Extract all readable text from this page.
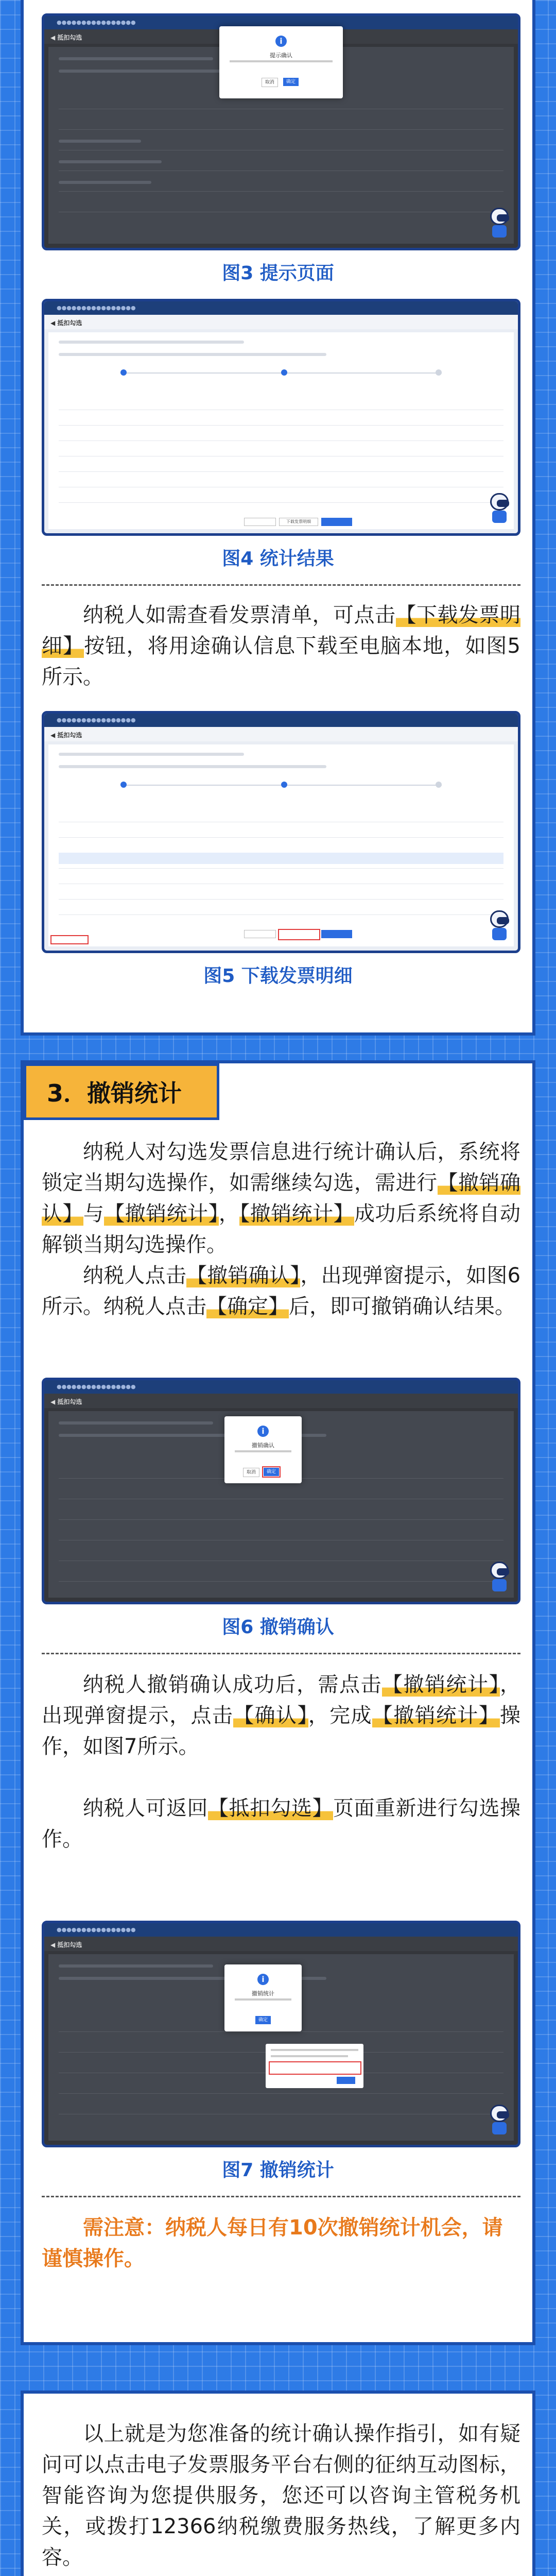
●●●●●●●●●●●●●●●●
◀ 抵扣勾选	i
提示确认
取消	确定
图3 提示页面
●●●●●●●●●●●●●●●●
◀ 抵扣勾选
下载发票明细
图4 统计结果

纳税人如需查看发票清单，可点击【下载发票明细】按钮，将用途确认信息下载至电脑本地，如图5所示。

●●●●●●●●●●●●●●●●
◀ 抵扣勾选
图5 下载发票明细
3．撤销统计

纳税人对勾选发票信息进行统计确认后，系统将锁定当期勾选操作，如需继续勾选，需进行【撤销确认】与【撤销统计】，【撤销统计】成功后系统将自动解锁当期勾选操作。

纳税人点击【撤销确认】，出现弹窗提示，如图6所示。纳税人点击【确定】后，即可撤销确认结果。

●●●●●●●●●●●●●●●●
◀ 抵扣勾选
i
撤销确认
取消	确定
图6 撤销确认

纳税人撤销确认成功后，需点击【撤销统计】，出现弹窗提示，点击【确认】，完成【撤销统计】操作，如图7所示。

纳税人可返回【抵扣勾选】页面重新进行勾选操作。

●●●●●●●●●●●●●●●●
◀ 抵扣勾选
i
撤销统计
确定
图7 撤销统计

需注意：纳税人每日有10次撤销统计机会，请谨慎操作。

以上就是为您准备的统计确认操作指引，如有疑问可以点击电子发票服务平台右侧的征纳互动图标，智能咨询为您提供服务，您还可以咨询主管税务机关，或拨打12366纳税缴费服务热线，了解更多内容。
